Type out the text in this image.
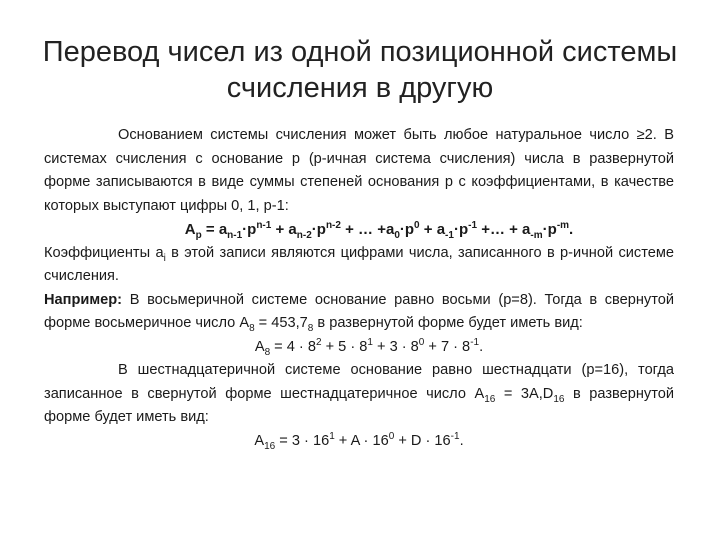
Перевод чисел из одной позиционной системы
счисления в другую

Основанием системы счисления может быть любое натуральное число ≥2. В системах счисления с основание р (р-ичная система счисления) числа в развернутой форме записываются в виде суммы степеней основания р с коэффициентами, в качестве которых выступают цифры 0, 1, р-1:

$A_p = a_{n-1}\cdot p^{n-1} + a_{n-2}\cdot p^{n-2}$ + … $+a_0\cdot p^0 + a_{-1}\cdot p^{-1}$ +… + $a_{-m}\cdot p^{-m}$.

Коэффициенты $a_i$ в этой записи являются цифрами числа, записанного в р-ичной системе счисления.

Например: В восьмеричной системе основание равно восьми (р=8). Тогда в свернутой форме восьмеричное число $A_8 = 453,7_8$ в развернутой форме будет иметь вид:

$A_8 = 4 \cdot 8^2 + 5 \cdot 8^1 + 3 \cdot 8^0 + 7 \cdot 8^{-1}$.

В шестнадцатеричной системе основание равно шестнадцати (р=16), тогда записанное в свернутой форме шестнадцатеричное число $A_{16} = 3A,D_{16}$ в развернутой форме будет иметь вид:

$A_{16} = 3 \cdot 16^1 + A \cdot 16^0 + D \cdot 16^{-1}$.
